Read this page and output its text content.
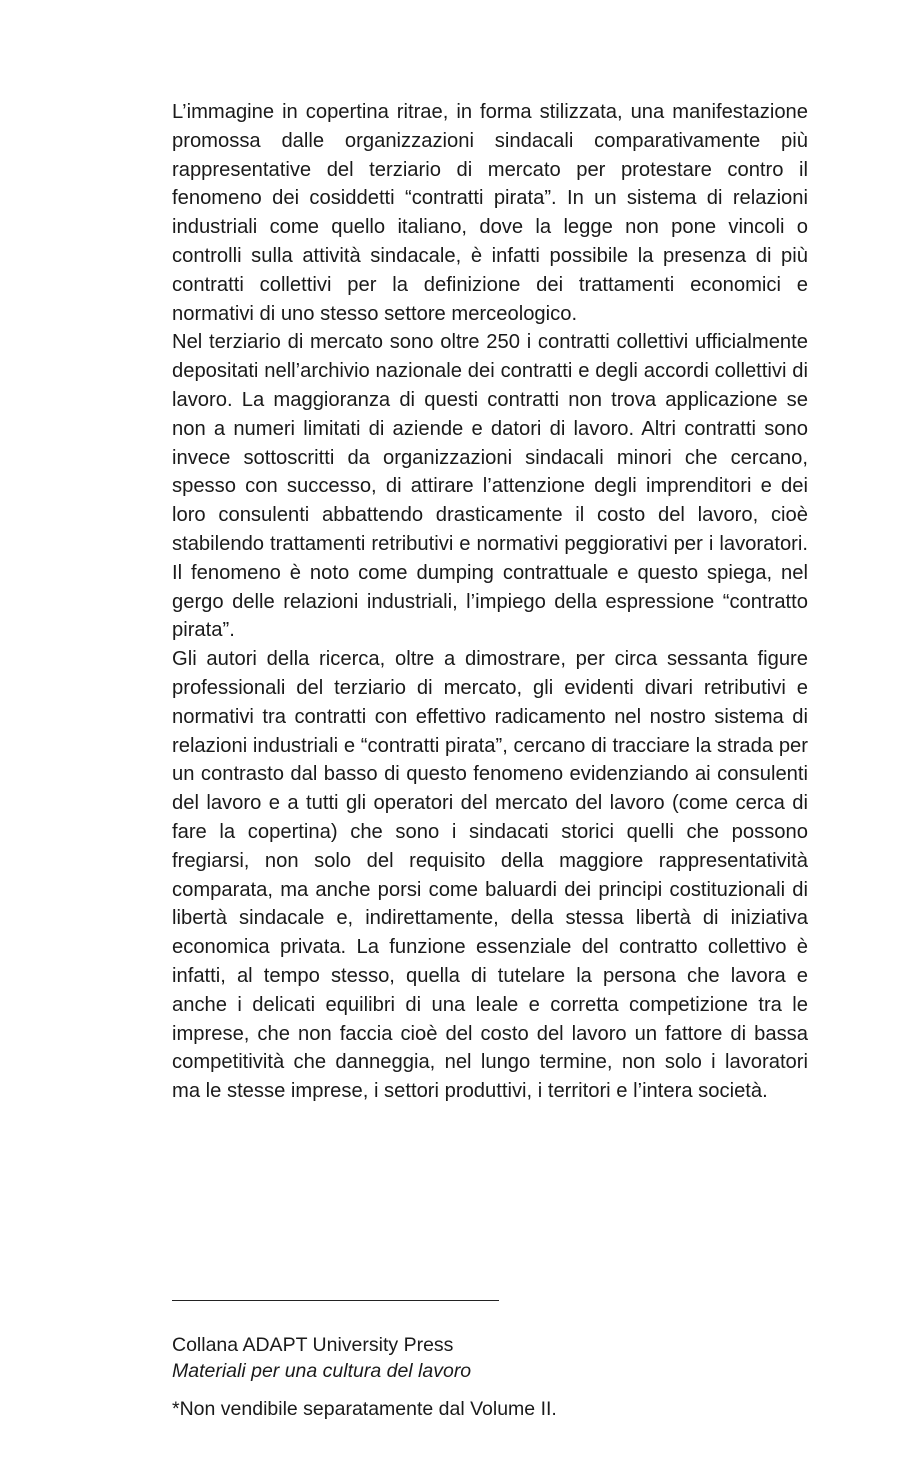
L’immagine in copertina ritrae, in forma stilizzata, una manifestazione promossa dalle organizzazioni sindacali comparativamente più rappresentative del terziario di mercato per protestare contro il fenomeno dei cosiddetti “contratti pirata”. In un sistema di relazioni industriali come quello italiano, dove la legge non pone vincoli o controlli sulla attività sindacale, è infatti possibile la presenza di più contratti collettivi per la definizione dei trattamenti economici e normativi di uno stesso settore merceologico.

Nel terziario di mercato sono oltre 250 i contratti collettivi ufficialmente depositati nell’archivio nazionale dei contratti e degli accordi collettivi di lavoro. La maggioranza di questi contratti non trova applicazione se non a numeri limitati di aziende e datori di lavoro. Altri contratti sono invece sottoscritti da organizzazioni sindacali minori che cercano, spesso con successo, di attirare l’attenzione degli imprenditori e dei loro consulenti abbattendo drasticamente il costo del lavoro, cioè stabilendo trattamenti retributivi e normativi peggiorativi per i lavoratori. Il fenomeno è noto come dumping contrattuale e questo spiega, nel gergo delle relazioni industriali, l’impiego della espressione “contratto pirata”.

Gli autori della ricerca, oltre a dimostrare, per circa sessanta figure professionali del terziario di mercato, gli evidenti divari retributivi e normativi tra contratti con effettivo radicamento nel nostro sistema di relazioni industriali e “contratti pirata”, cercano di tracciare la strada per un contrasto dal basso di questo fenomeno evidenziando ai consulenti del lavoro e a tutti gli operatori del mercato del lavoro (come cerca di fare la copertina) che sono i sindacati storici quelli che possono fregiarsi, non solo del requisito della maggiore rappresentatività comparata, ma anche porsi come baluardi dei principi costituzionali di libertà sindacale e, indirettamente, della stessa libertà di iniziativa economica privata. La funzione essenziale del contratto collettivo è infatti, al tempo stesso, quella di tutelare la persona che lavora e anche i delicati equilibri di una leale e corretta competizione tra le imprese, che non faccia cioè del costo del lavoro un fattore di bassa competitività che danneggia, nel lungo termine, non solo i lavoratori ma le stesse imprese, i settori produttivi, i territori e l’intera società.

Collana ADAPT University Press

Materiali per una cultura del lavoro

*Non vendibile separatamente dal Volume II.
